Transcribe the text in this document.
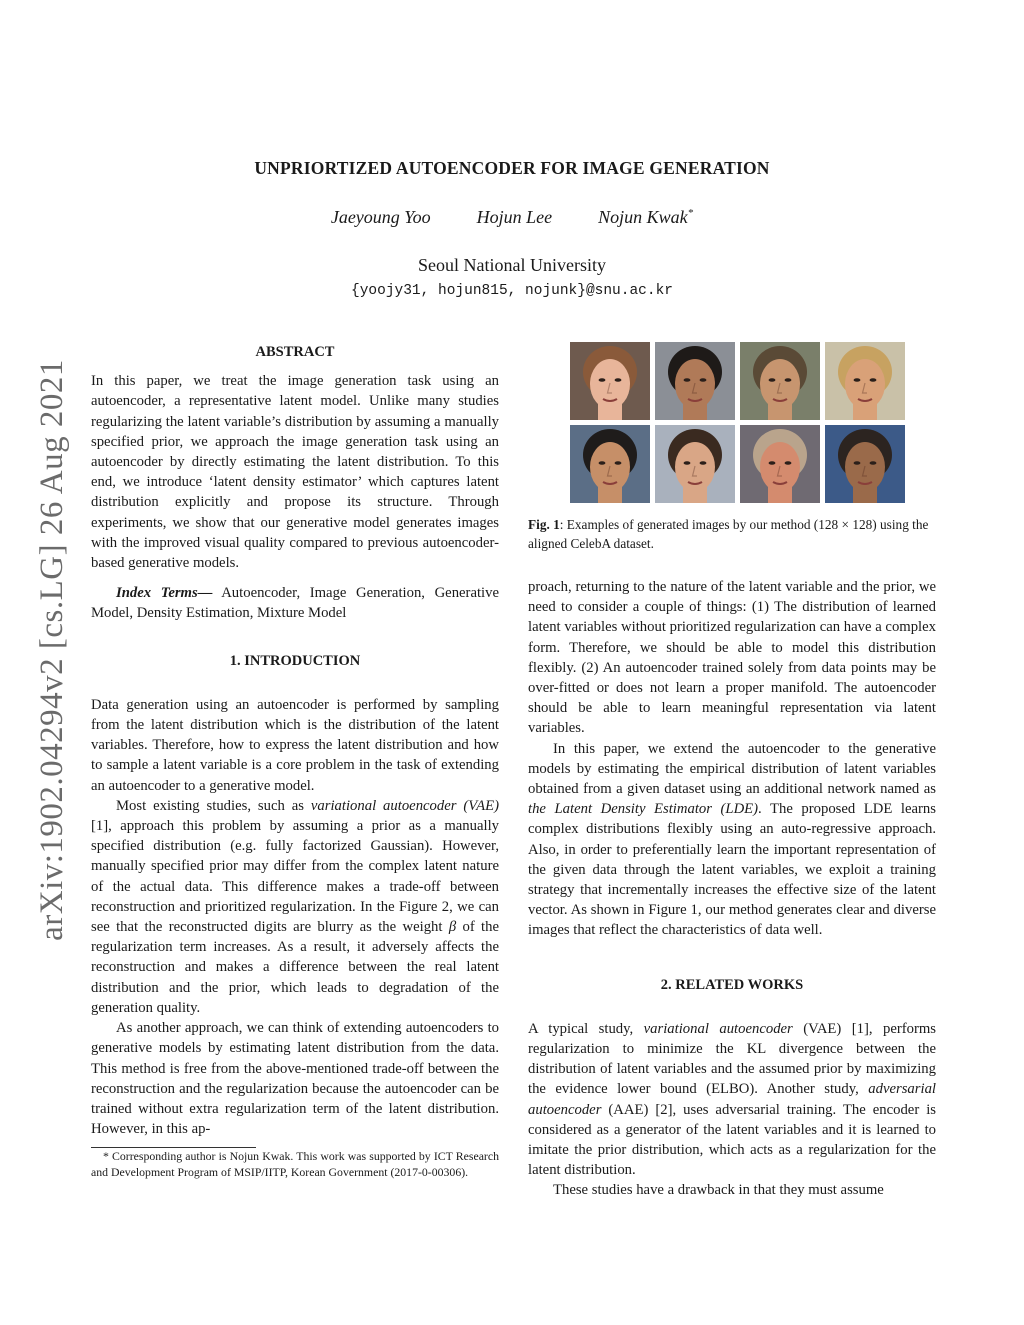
arXiv:1902.04294v2 [cs.LG] 26 Aug 2021
UNPRIORTIZED AUTOENCODER FOR IMAGE GENERATION
Jaeyoung Yoo	Hojun Lee	Nojun Kwak*
Seoul National University
{yoojy31, hojun815, nojunk}@snu.ac.kr
ABSTRACT

In this paper, we treat the image generation task using an autoencoder, a representative latent model. Unlike many studies regularizing the latent variable’s distribution by assuming a manually specified prior, we approach the image generation task using an autoencoder by directly estimating the latent distribution. To this end, we introduce ‘latent density estimator’ which captures latent distribution explicitly and propose its structure. Through experiments, we show that our generative model generates images with the improved visual quality compared to previous autoencoder-based generative models.

Index Terms— Autoencoder, Image Generation, Generative Model, Density Estimation, Mixture Model

1. INTRODUCTION

Data generation using an autoencoder is performed by sampling from the latent distribution which is the distribution of the latent variables. Therefore, how to express the latent distribution and how to sample a latent variable is a core problem in the task of extending an autoencoder to a generative model.

Most existing studies, such as variational autoencoder (VAE) [1], approach this problem by assuming a prior as a manually specified distribution (e.g. fully factorized Gaussian). However, manually specified prior may differ from the complex latent nature of the actual data. This difference makes a trade-off between reconstruction and prioritized regularization. In the Figure 2, we can see that the reconstructed digits are blurry as the weight β of the regularization term increases. As a result, it adversely affects the reconstruction and makes a difference between the real latent distribution and the prior, which leads to degradation of the generation quality.

As another approach, we can think of extending autoencoders to generative models by estimating latent distribution from the data. This method is free from the above-mentioned trade-off between the reconstruction and the regularization because the autoencoder can be trained without extra regularization term of the latent distribution. However, in this ap-

* Corresponding author is Nojun Kwak. This work was supported by ICT Research and Development Program of MSIP/IITP, Korean Government (2017-0-00306).

Fig. 1: Examples of generated images by our method (128 × 128) using the aligned CelebA dataset.

proach, returning to the nature of the latent variable and the prior, we need to consider a couple of things: (1) The distribution of learned latent variables without prioritized regularization can have a complex form. Therefore, we should be able to model this distribution flexibly. (2) An autoencoder trained solely from data points may be over-fitted or does not learn a proper manifold. The autoencoder should be able to learn meaningful representation via latent variables.

In this paper, we extend the autoencoder to the generative models by estimating the empirical distribution of latent variables obtained from a given dataset using an additional network named as the Latent Density Estimator (LDE). The proposed LDE learns complex distributions flexibly using an auto-regressive approach. Also, in order to preferentially learn the important representation of the given data through the latent variables, we exploit a training strategy that incrementally increases the effective size of the latent vector. As shown in Figure 1, our method generates clear and diverse images that reflect the characteristics of data well.

2. RELATED WORKS

A typical study, variational autoencoder (VAE) [1], performs regularization to minimize the KL divergence between the distribution of latent variables and the assumed prior by maximizing the evidence lower bound (ELBO). Another study, adversarial autoencoder (AAE) [2], uses adversarial training. The encoder is considered as a generator of the latent variables and it is learned to imitate the prior distribution, which acts as a regularization for the latent distribution.

These studies have a drawback in that they must assume
